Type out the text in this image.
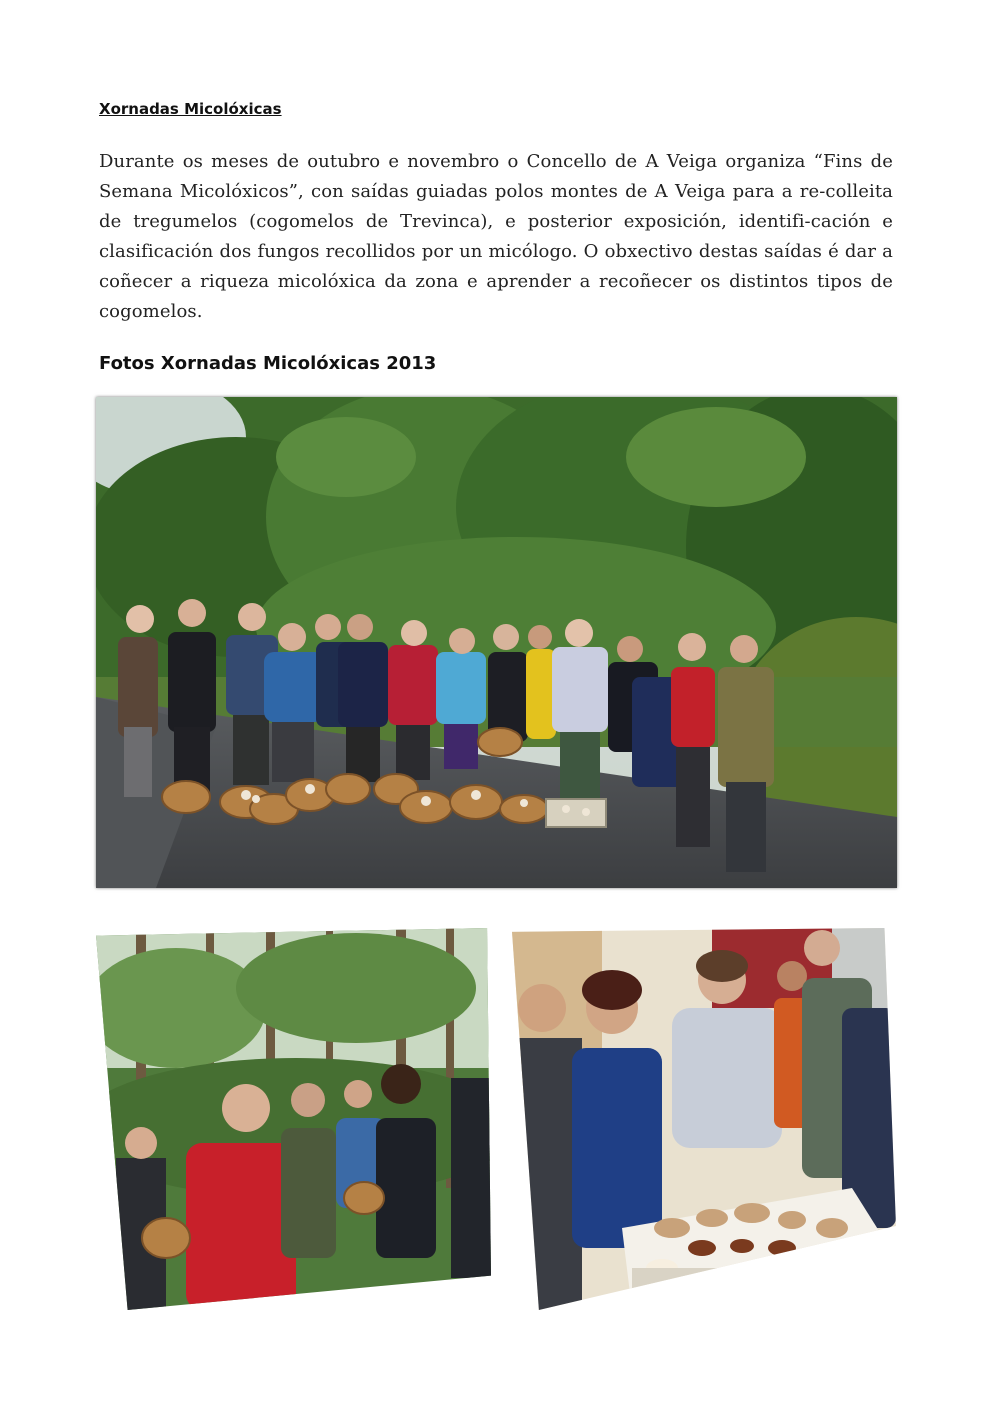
Xornadas Micolóxicas
Durante os meses de outubro e novembro o Concello de A Veiga organiza “Fins de Semana Micolóxicos”, con saídas guiadas polos montes de A Veiga para a re-colleita de tregumelos (cogomelos de Trevinca), e posterior exposición, identifi-cación e clasificación dos fungos recollidos por un micólogo. O obxectivo destas saídas é dar a coñecer a riqueza micolóxica da zona e aprender a recoñecer os distintos tipos de cogomelos.
Fotos Xornadas Micolóxicas 2013
